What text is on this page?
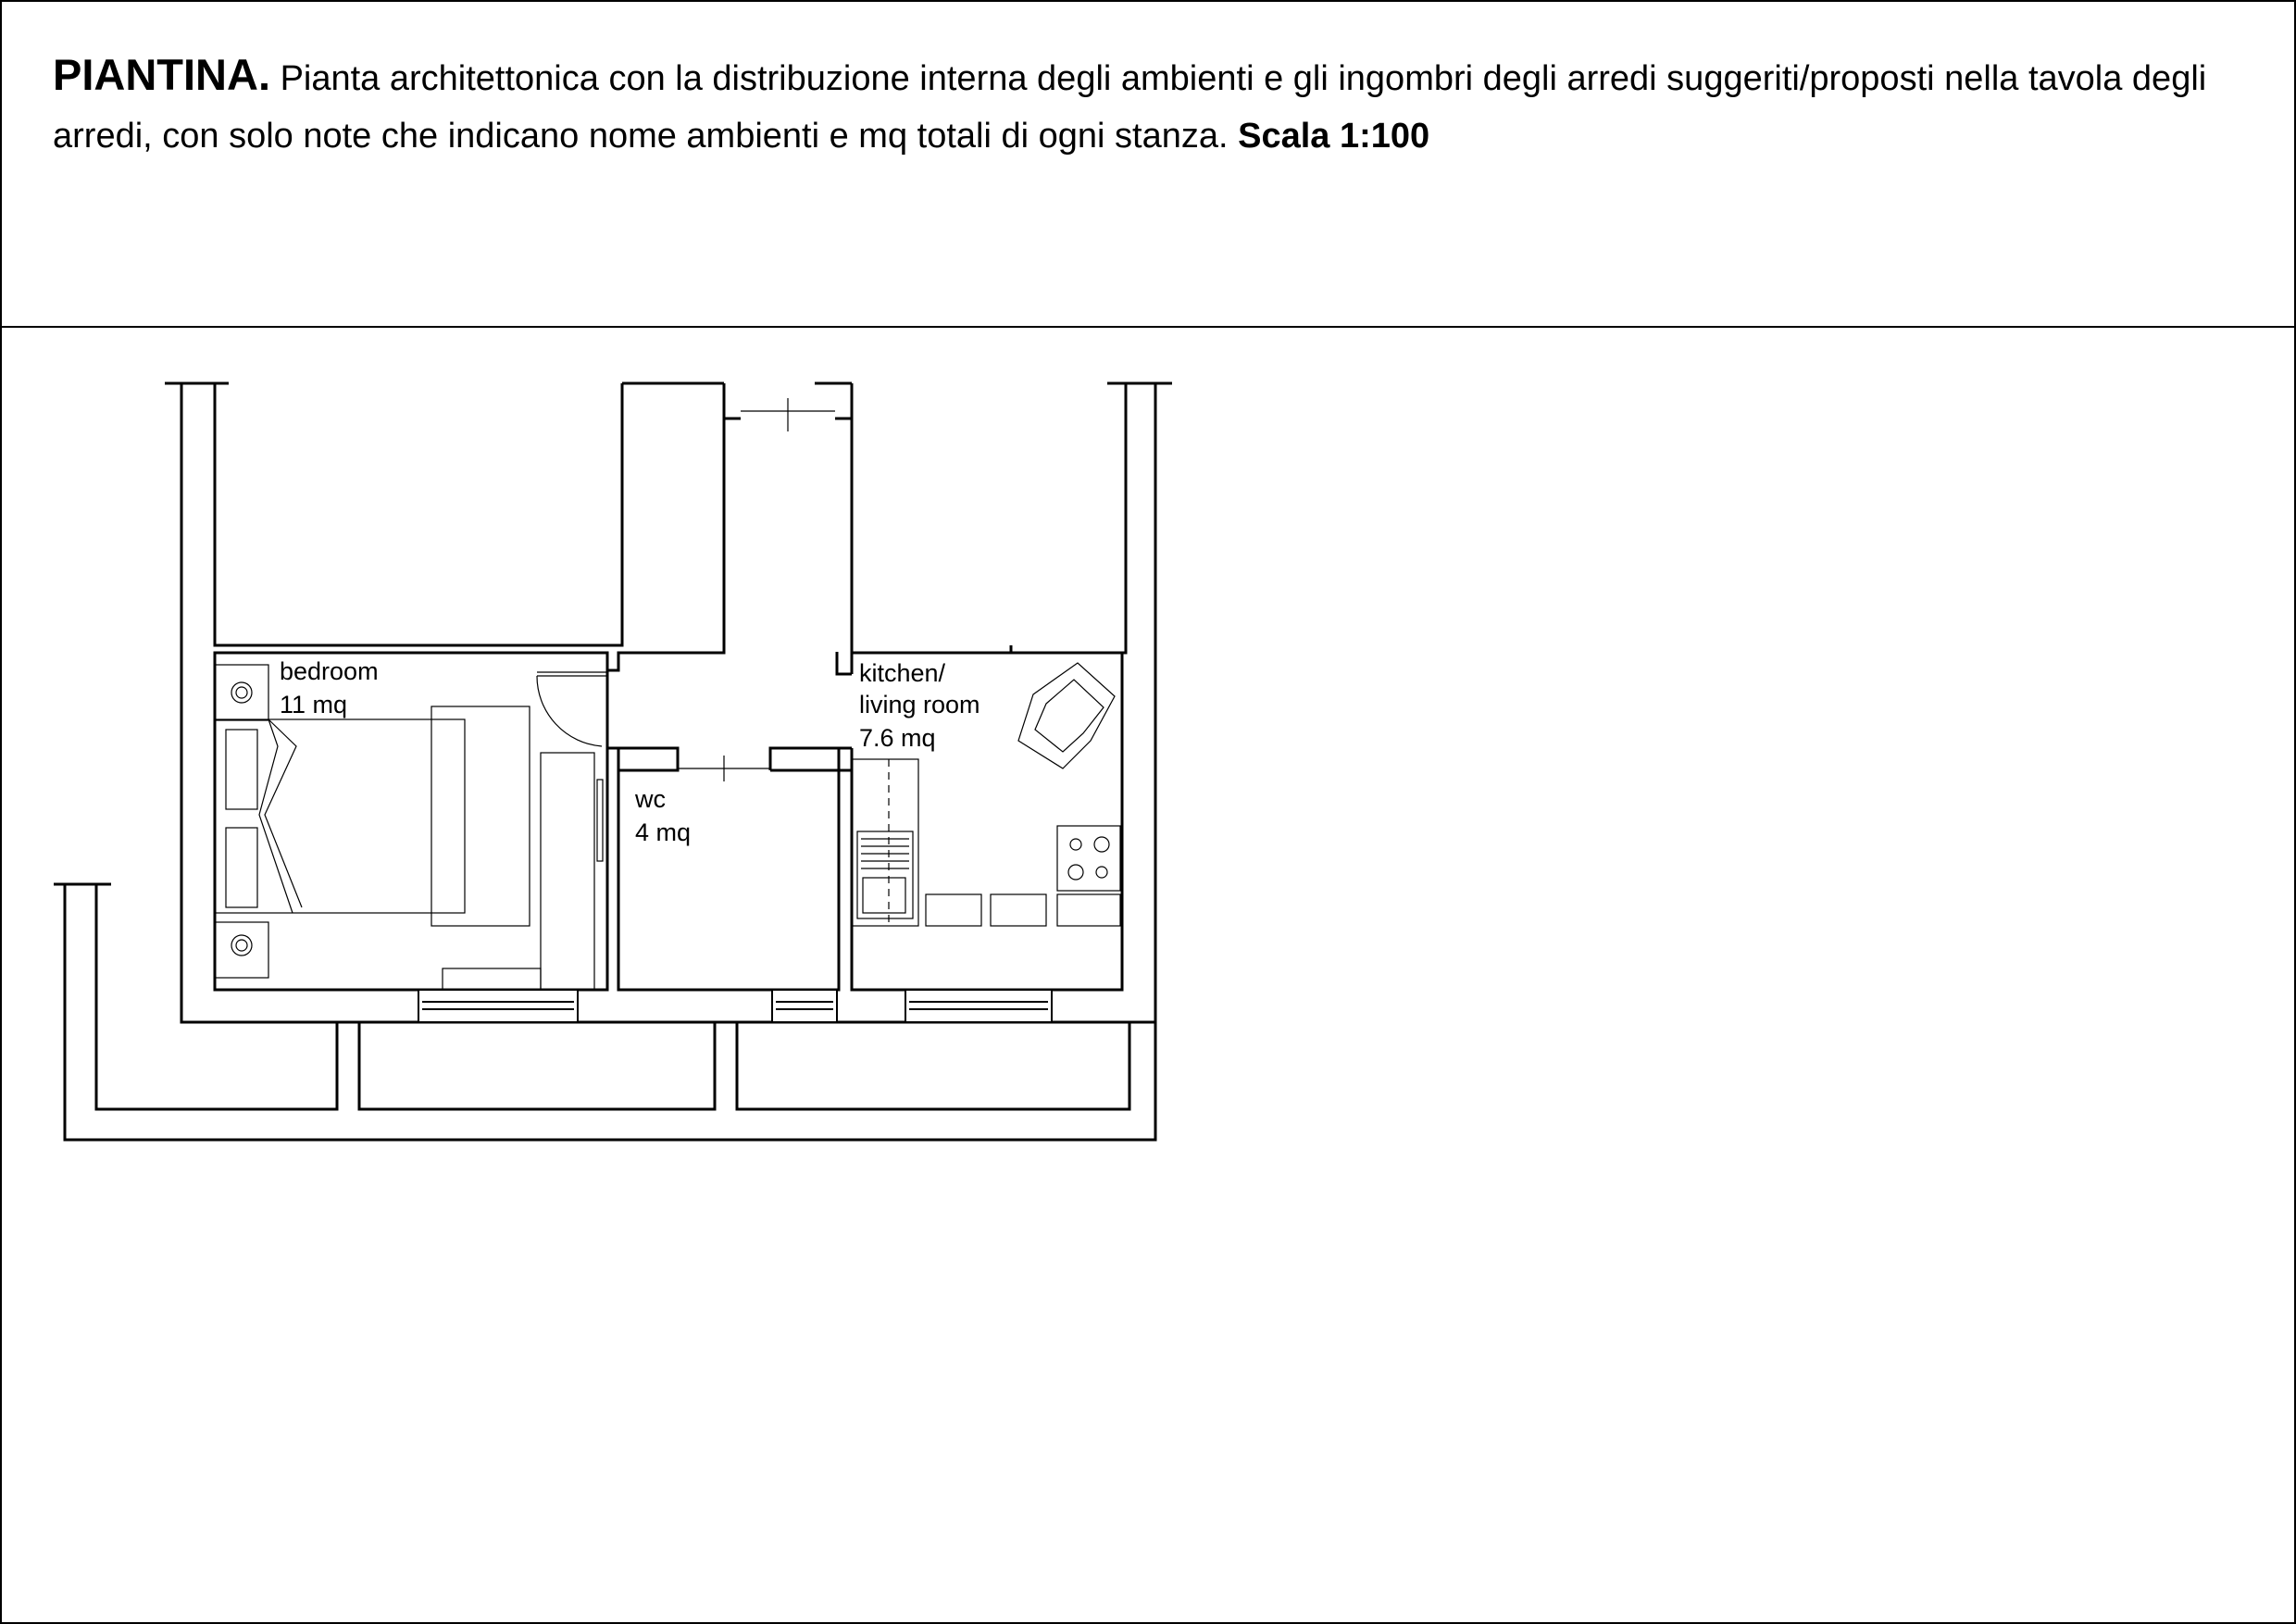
PIANTINA. Pianta architettonica con la distribuzione interna degli ambienti e gli ingombri degli arredi suggeriti/proposti nella tavola degli arredi, con solo note che indicano nome ambienti e mq totali di ogni stanza. Scala 1:100
bedroom
11 mq
wc
4 mq
kitchen/
living room
7.6 mq
